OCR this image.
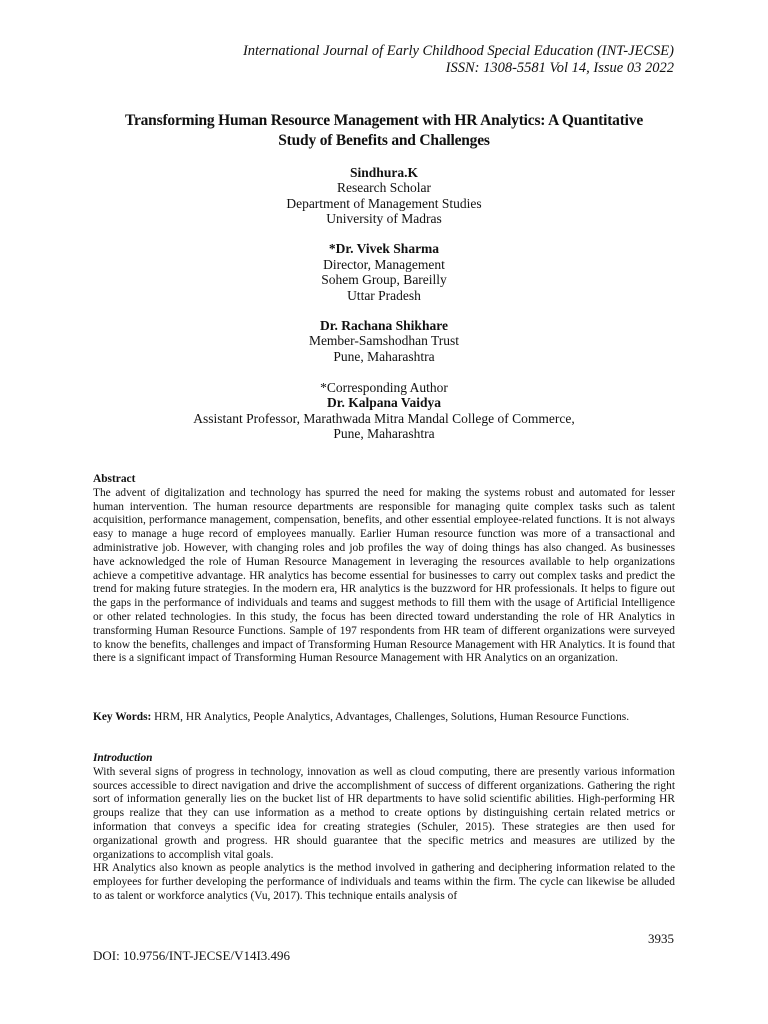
International Journal of Early Childhood Special Education (INT-JECSE)
ISSN: 1308-5581 Vol 14, Issue 03 2022
Transforming Human Resource Management with HR Analytics: A Quantitative
Study of Benefits and Challenges
Sindhura.K
Research Scholar
Department of Management Studies
University of Madras
*Dr. Vivek Sharma
Director, Management
Sohem Group, Bareilly
Uttar Pradesh
Dr. Rachana Shikhare
Member-Samshodhan Trust
Pune, Maharashtra
*Corresponding Author
Dr. Kalpana Vaidya
Assistant Professor, Marathwada Mitra Mandal College of Commerce,
Pune, Maharashtra
Abstract
The advent of digitalization and technology has spurred the need for making the systems robust and automated for lesser human intervention. The human resource departments are responsible for managing quite complex tasks such as talent acquisition, performance management, compensation, benefits, and other essential employee-related functions. It is not always easy to manage a huge record of employees manually. Earlier Human resource function was more of a transactional and administrative job. However, with changing roles and job profiles the way of doing things has also changed. As businesses have acknowledged the role of Human Resource Management in leveraging the resources available to help organizations achieve a competitive advantage. HR analytics has become essential for businesses to carry out complex tasks and predict the trend for making future strategies. In the modern era, HR analytics is the buzzword for HR professionals. It helps to figure out the gaps in the performance of individuals and teams and suggest methods to fill them with the usage of Artificial Intelligence or other related technologies. In this study, the focus has been directed toward understanding the role of HR Analytics in transforming Human Resource Functions. Sample of 197 respondents from HR team of different organizations were surveyed to know the benefits, challenges and impact of Transforming Human Resource Management with HR Analytics. It is found that there is a significant impact of Transforming Human Resource Management with HR Analytics on an organization.
Key Words: HRM, HR Analytics, People Analytics, Advantages, Challenges, Solutions, Human Resource Functions.
Introduction
With several signs of progress in technology, innovation as well as cloud computing, there are presently various information sources accessible to direct navigation and drive the accomplishment of success of different organizations. Gathering the right sort of information generally lies on the bucket list of HR departments to have solid scientific abilities. High-performing HR groups realize that they can use information as a method to create options by distinguishing certain related metrics or information that conveys a specific idea for creating strategies (Schuler, 2015). These strategies are then used for organizational growth and progress. HR should guarantee that the specific metrics and measures are utilized by the organizations to accomplish vital goals.
HR Analytics also known as people analytics is the method involved in gathering and deciphering information related to the employees for further developing the performance of individuals and teams within the firm. The cycle can likewise be alluded to as talent or workforce analytics (Vu, 2017). This technique entails analysis of
3935
DOI: 10.9756/INT-JECSE/V14I3.496
